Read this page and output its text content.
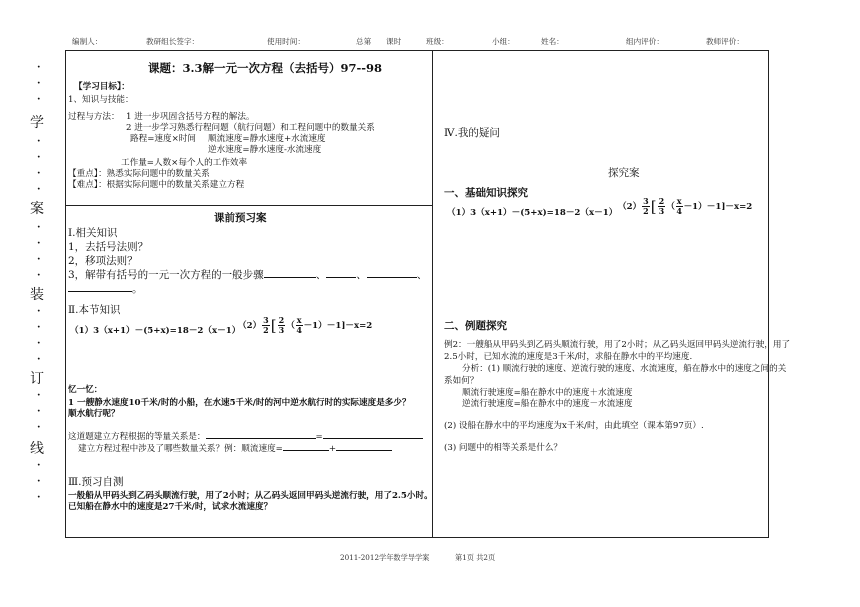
编制人：	教研组长签字：	使用时间：	总第 课时	班级：	小组：	姓名：	组内评价：	教师评价：
·
·
·
学
·
·
·
·
案
·
·
·
·
装
·
·
·
·
订
·
·
·
线
·
·
·
课题：3.3解一元一次方程（去括号）97--98
【学习目标】：
1、知识与技能：
过程与方法： 1 进一步巩固含括号方程的解法。
2 进一步学习熟悉行程问题（航行问题）和工程问题中的数量关系
路程=速度×时间 顺流速度=静水速度+水流速度
逆水速度=静水速度-水流速度
工作量=人数×每个人的工作效率
【重点】：熟悉实际问题中的数量关系
【难点】：根据实际问题中的数量关系建立方程
课前预习案
Ⅰ.相关知识
1，去括号法则？
2，移项法则？
3，解带有括号的一元一次方程的一般步骤	、	、	、
。
Ⅱ.本节知识
（1）3（x+1）－(5+x)=18－2（x－1）
$(2) \frac{3}{2}$ [ $\frac{2}{3}$ （ $\frac{x}{4} -1)-1]-x=2$
忆一忆：
1 一艘静水速度10千米/时的小船，在水速5千米/时的河中逆水航行时的实际速度是多少？
顺水航行呢？
这道题建立方程根据的等量关系是：	=
建立方程过程中涉及了哪些数量关系？例：顺流速度=	+
Ⅲ.预习自测
一般船从甲码头到乙码头顺流行驶，用了2小时；从乙码头返回甲码头逆流行驶，用了2.5小时。
已知船在静水中的速度是27千米/时，试求水流速度？
Ⅳ.我的疑问
探究案
一、基础知识探究
（1）3（x+1）－(5+x)=18－2（x－1）
$(2) \frac{3}{2}$ [ $\frac{2}{3}$ （ $\frac{x}{4} -1)-1]-x=2$
二、例题探究
例2：一艘船从甲码头到乙码头顺流行驶，用了2小时；从乙码头返回甲码头逆流行驶，用了
2.5小时，已知水流的速度是3千米/时，求船在静水中的平均速度.
分析：(1) 顺流行驶的速度、逆流行驶的速度、水流速度，船在静水中的速度之间的关
系如何？
顺流行驶速度=船在静水中的速度＋水流速度
逆流行驶速度=船在静水中的速度－水流速度
(2) 设船在静水中的平均速度为x千米/时，由此填空（课本第97页）.
(3) 问题中的相等关系是什么？
2011-2012学年数学导学案	第1页 共2页
